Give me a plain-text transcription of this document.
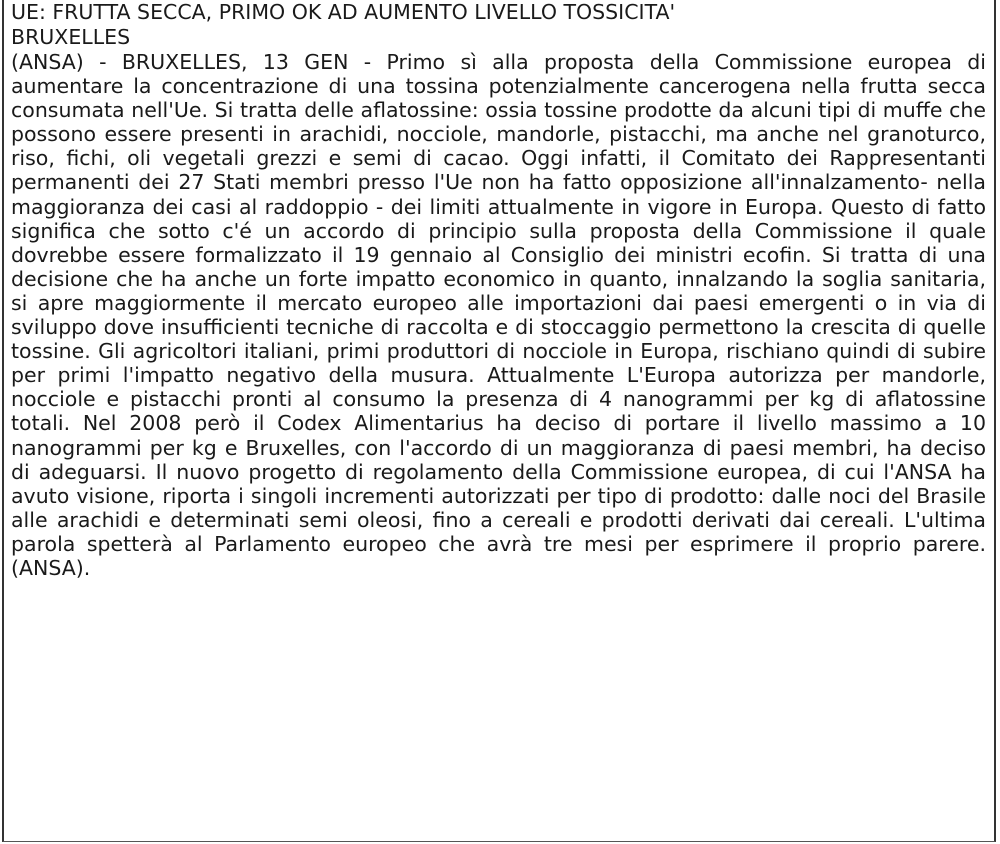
UE: FRUTTA SECCA, PRIMO OK AD AUMENTO LIVELLO TOSSICITA'
BRUXELLES

(ANSA) - BRUXELLES, 13 GEN - Primo sì alla proposta della Commissione europea di aumentare la concentrazione di una tossina potenzialmente cancerogena nella frutta secca consumata nell'Ue. Si tratta delle aflatossine: ossia tossine prodotte da alcuni tipi di muffe che possono essere presenti in arachidi, nocciole, mandorle, pistacchi, ma anche nel granoturco, riso, fichi, oli vegetali grezzi e semi di cacao. Oggi infatti, il Comitato dei Rappresentanti permanenti dei 27 Stati membri presso l'Ue non ha fatto opposizione all'innalzamento- nella maggioranza dei casi al raddoppio - dei limiti attualmente in vigore in Europa. Questo di fatto significa che sotto c'é un accordo di principio sulla proposta della Commissione il quale dovrebbe essere formalizzato il 19 gennaio al Consiglio dei ministri ecofin. Si tratta di una decisione che ha anche un forte impatto economico in quanto, innalzando la soglia sanitaria, si apre maggiormente il mercato europeo alle importazioni dai paesi emergenti o in via di sviluppo dove insufficienti tecniche di raccolta e di stoccaggio permettono la crescita di quelle tossine. Gli agricoltori italiani, primi produttori di nocciole in Europa, rischiano quindi di subire per primi l'impatto negativo della musura. Attualmente L'Europa autorizza per mandorle, nocciole e pistacchi pronti al consumo la presenza di 4 nanogrammi per kg di aflatossine totali. Nel 2008 però il Codex Alimentarius ha deciso di portare il livello massimo a 10 nanogrammi per kg e Bruxelles, con l'accordo di un maggioranza di paesi membri, ha deciso di adeguarsi. Il nuovo progetto di regolamento della Commissione europea, di cui l'ANSA ha avuto visione, riporta i singoli incrementi autorizzati per tipo di prodotto: dalle noci del Brasile alle arachidi e determinati semi oleosi, fino a cereali e prodotti derivati dai cereali. L'ultima parola spetterà al Parlamento europeo che avrà tre mesi per esprimere il proprio parere. (ANSA).
